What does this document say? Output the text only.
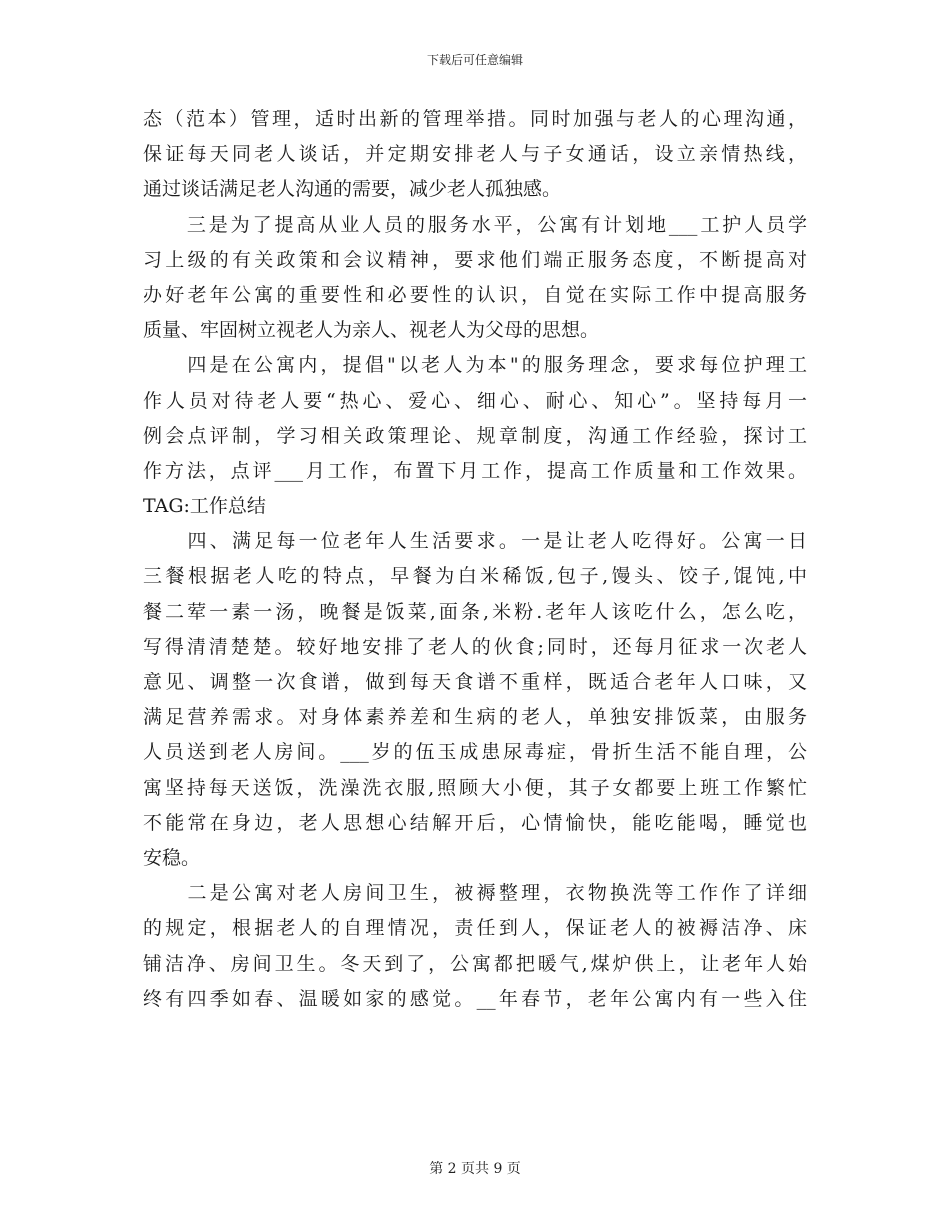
下载后可任意编辑
态（范本）管理，适时出新的管理举措。同时加强与老人的心理沟通，
保证每天同老人谈话，并定期安排老人与子女通话，设立亲情热线，
通过谈话满足老人沟通的需要，减少老人孤独感。
　　三是为了提高从业人员的服务水平，公寓有计划地___工护人员学
习上级的有关政策和会议精神，要求他们端正服务态度，不断提高对
办好老年公寓的重要性和必要性的认识，自觉在实际工作中提高服务
质量、牢固树立视老人为亲人、视老人为父母的思想。
　　四是在公寓内，提倡"以老人为本"的服务理念，要求每位护理工
作人员对待老人要“热心、爱心、细心、耐心、知心”。坚持每月一
例会点评制，学习相关政策理论、规章制度，沟通工作经验，探讨工
作方法，点评___月工作，布置下月工作，提高工作质量和工作效果。
TAG:工作总结
　　四、满足每一位老年人生活要求。一是让老人吃得好。公寓一日
三餐根据老人吃的特点，早餐为白米稀饭,包子,馒头、饺子,馄饨,中
餐二荤一素一汤，晚餐是饭菜,面条,米粉.老年人该吃什么，怎么吃，
写得清清楚楚。较好地安排了老人的伙食;同时，还每月征求一次老人
意见、调整一次食谱，做到每天食谱不重样，既适合老年人口味，又
满足营养需求。对身体素养差和生病的老人，单独安排饭菜，由服务
人员送到老人房间。___岁的伍玉成患尿毒症，骨折生活不能自理，公
寓坚持每天送饭，洗澡洗衣服,照顾大小便，其子女都要上班工作繁忙
不能常在身边，老人思想心结解开后，心情愉快，能吃能喝，睡觉也
安稳。
　　二是公寓对老人房间卫生，被褥整理，衣物换洗等工作作了详细
的规定，根据老人的自理情况，责任到人，保证老人的被褥洁净、床
铺洁净、房间卫生。冬天到了，公寓都把暖气,煤炉供上，让老年人始
终有四季如春、温暖如家的感觉。__年春节，老年公寓内有一些入住
第 2 页共 9 页
